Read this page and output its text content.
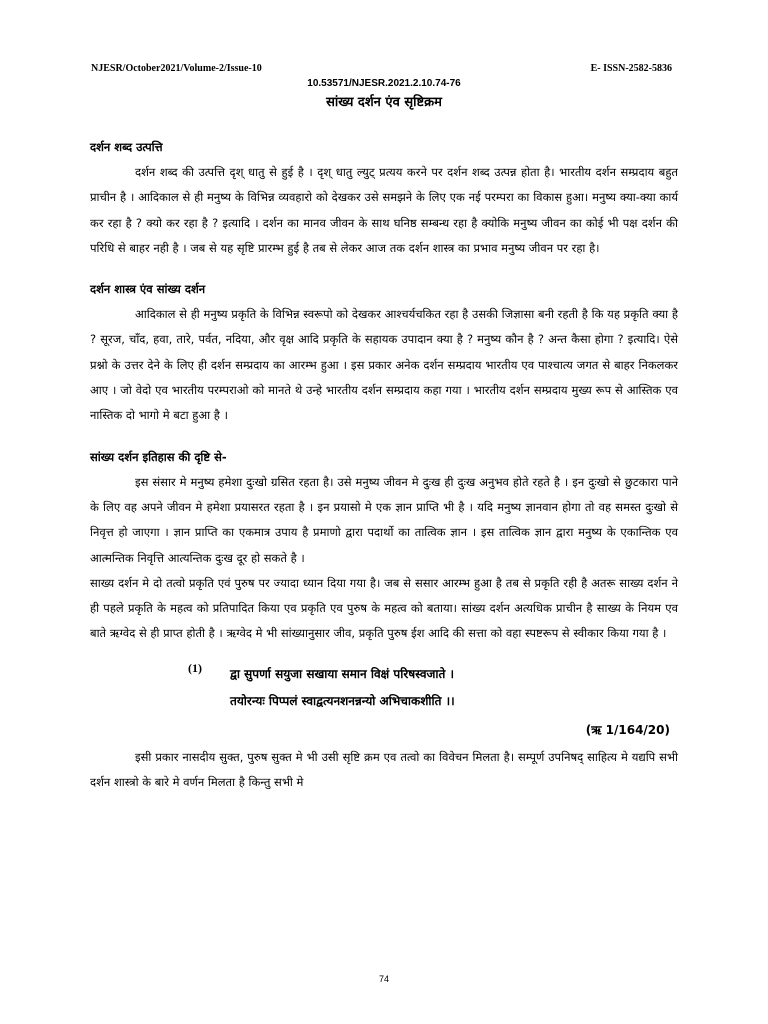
NJESR/October2021/Volume-2/Issue-10	E- ISSN-2582-5836
10.53571/NJESR.2021.2.10.74-76
सांख्य दर्शन एंव सृष्टिक्रम
दर्शन शब्द उत्पत्ति

दर्शन शब्द की उत्पत्ति दृश् धातु से हुई है । दृश् धातु ल्युट् प्रत्यय करने पर दर्शन शब्द उत्पन्न होता है। भारतीय दर्शन सम्प्रदाय बहुत प्राचीन है । आदिकाल से ही मनुष्य के विभिन्न व्यवहारो को देखकर उसे समझने के लिए एक नई परम्परा का विकास हुआ। मनुष्य क्या-क्या कार्य कर रहा है ? क्यो कर रहा है ? इत्यादि । दर्शन का मानव जीवन के साथ घनिष्ठ सम्बन्ध रहा है क्योकि मनुष्य जीवन का कोई भी पक्ष दर्शन की परिधि से बाहर नही है । जब से यह सृष्टि प्रारम्भ हुई है तब से लेकर आज तक दर्शन शास्त्र का प्रभाव मनुष्य जीवन पर रहा है।

दर्शन शास्त्र एंव सांख्य दर्शन

आदिकाल से ही मनुष्य प्रकृति के विभिन्न स्वरूपो को देखकर आश्चर्यचकित रहा है उसकी जिज्ञासा बनी रहती है कि यह प्रकृति क्या है ? सूरज, चाँद, हवा, तारे, पर्वत, नदिया, और वृक्ष आदि प्रकृति के सहायक उपादान क्या है ? मनुष्य कौन है ? अन्त कैसा होगा ? इत्यादि। ऐसे प्रश्नो के उत्तर देने के लिए ही दर्शन सम्प्रदाय का आरम्भ हुआ । इस प्रकार अनेक दर्शन सम्प्रदाय भारतीय एव पाश्चात्य जगत से बाहर निकलकर आए । जो वेदो एव भारतीय परम्पराओ को मानते थे उन्हे भारतीय दर्शन सम्प्रदाय कहा गया । भारतीय दर्शन सम्प्रदाय मुख्य रूप से आस्तिक एव नास्तिक दो भागो मे बटा हुआ है ।

सांख्य दर्शन इतिहास की दृष्टि से-

इस संसार मे मनुष्य हमेशा दुःखो ग्रसित रहता है। उसे मनुष्य जीवन मे दुःख ही दुःख अनुभव होते रहते है । इन दुःखो से छुटकारा पाने के लिए वह अपने जीवन मे हमेशा प्रयासरत रहता है । इन प्रयासो मे एक ज्ञान प्राप्ति भी है । यदि मनुष्य ज्ञानवान होगा तो वह समस्त दुःखो से निवृत्त हो जाएगा । ज्ञान प्राप्ति का एकमात्र उपाय है प्रमाणो द्वारा पदार्थो का तात्विक ज्ञान । इस तात्विक ज्ञान द्वारा मनुष्य के एकान्तिक एव आत्मन्तिक निवृत्ति आत्यन्तिक दुःख दूर हो सकते है ।

साख्य दर्शन मे दो तत्वो प्रकृति एवं पुरुष पर ज्यादा ध्यान दिया गया है। जब से ससार आरम्भ हुआ है तब से प्रकृति रही है अतरू साख्य दर्शन ने ही पहले प्रकृति के महत्व को प्रतिपादित किया एव प्रकृति एव पुरुष के महत्व को बताया। सांख्य दर्शन अत्यधिक प्राचीन है साख्य के नियम एव बाते ऋग्वेद से ही प्राप्त होती है । ऋग्वेद मे भी सांख्यानुसार जीव, प्रकृति पुरुष ईश आदि की सत्ता को वहा स्पष्टरूप से स्वीकार किया गया है ।

(1) द्वा सुपर्णा सयुजा सखाया समान विक्षं परिषस्वजाते ।
तयोरन्यः पिप्पलं स्वाद्वत्यनशनन्नन्यो अभिचाकशीति ।।
(ऋ 1/164/20)

इसी प्रकार नासदीय सुक्त, पुरुष सुक्त मे भी उसी सृष्टि क्रम एव तत्वो का विवेचन मिलता है। सम्पूर्ण उपनिषद् साहित्य मे यद्यपि सभी दर्शन शास्त्रो के बारे मे वर्णन मिलता है किन्तु सभी मे

74
